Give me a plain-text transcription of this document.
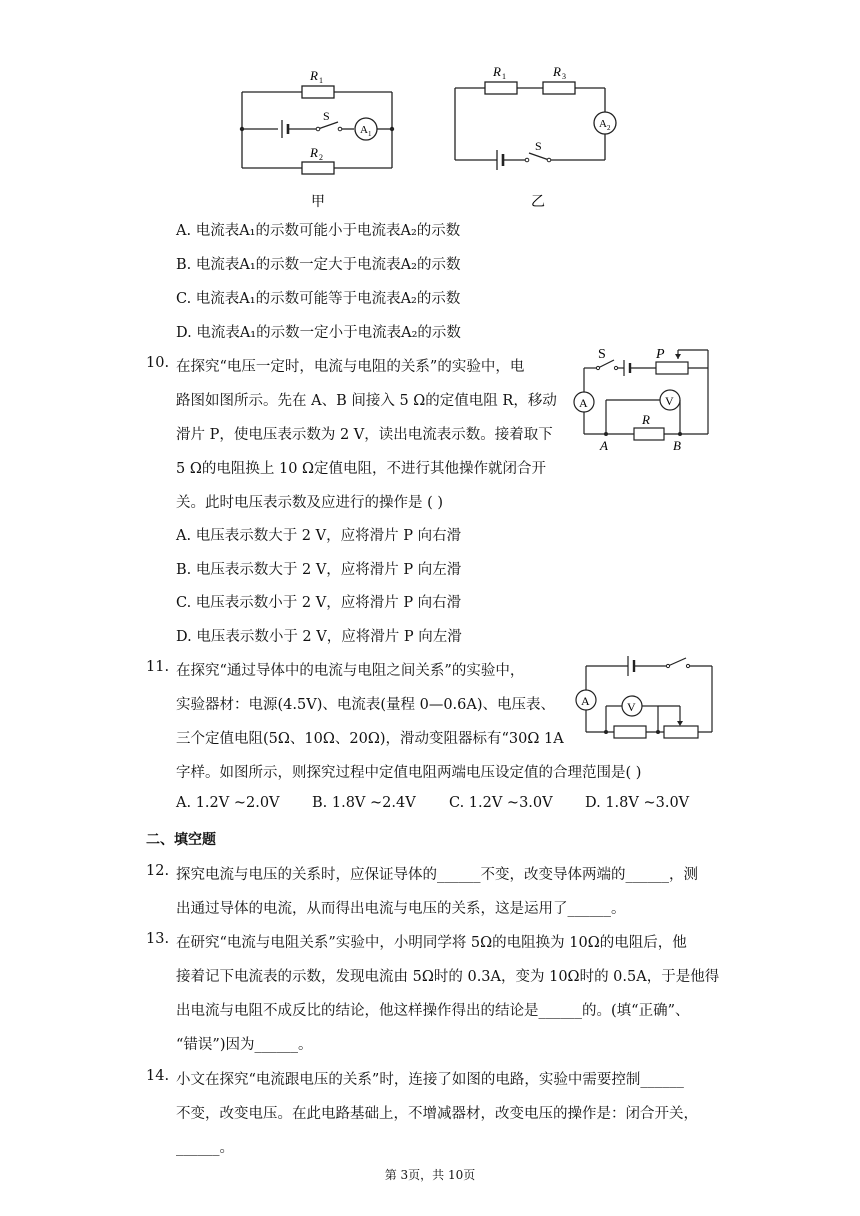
R 1
S
A 1
R 2
甲
R 1	R 3
A 2
S
乙
A. 电流表A₁的示数可能小于电流表A₂的示数
B. 电流表A₁的示数一定大于电流表A₂的示数
C. 电流表A₁的示数可能等于电流表A₂的示数
D. 电流表A₁的示数一定小于电流表A₂的示数
10. 在探究“电压一定时，电流与电阻的关系”的实验中，电
路图如图所示。先在 A、B 间接入 5 Ω的定值电阻 R，移动
滑片 P，使电压表示数为 2 V，读出电流表示数。接着取下
5 Ω的电阻换上 10 Ω定值电阻，不进行其他操作就闭合开
关。此时电压表示数及应进行的操作是 ( )
A. 电压表示数大于 2 V，应将滑片 P 向右滑
B. 电压表示数大于 2 V，应将滑片 P 向左滑
C. 电压表示数小于 2 V，应将滑片 P 向右滑
D. 电压表示数小于 2 V，应将滑片 P 向左滑
S	P
A	V
R
A	B
11. 在探究“通过导体中的电流与电阻之间关系”的实验中，
实验器材：电源(4.5V)、电流表(量程 0—0.6A)、电压表、
三个定值电阻(5Ω、10Ω、20Ω)，滑动变阻器标有“30Ω 1A
字样。如图所示，则探究过程中定值电阻两端电压设定值的合理范围是( )
A. 1.2V ~2.0V B. 1.8V ~2.4V C. 1.2V ~3.0V D. 1.8V ~3.0V
A	V
二、填空题
12. 探究电流与电压的关系时，应保证导体的______不变，改变导体两端的______，测
出通过导体的电流，从而得出电流与电压的关系，这是运用了______。
13. 在研究“电流与电阻关系”实验中，小明同学将 5Ω的电阻换为 10Ω的电阻后，他
接着记下电流表的示数，发现电流由 5Ω时的 0.3A，变为 10Ω时的 0.5A，于是他得
出电流与电阻不成反比的结论，他这样操作得出的结论是______的。(填“正确”、
“错误”)因为______。
14. 小文在探究“电流跟电压的关系”时，连接了如图的电路，实验中需要控制______
不变，改变电压。在此电路基础上，不增减器材，改变电压的操作是：闭合开关，
______。
第 3页，共 10页
